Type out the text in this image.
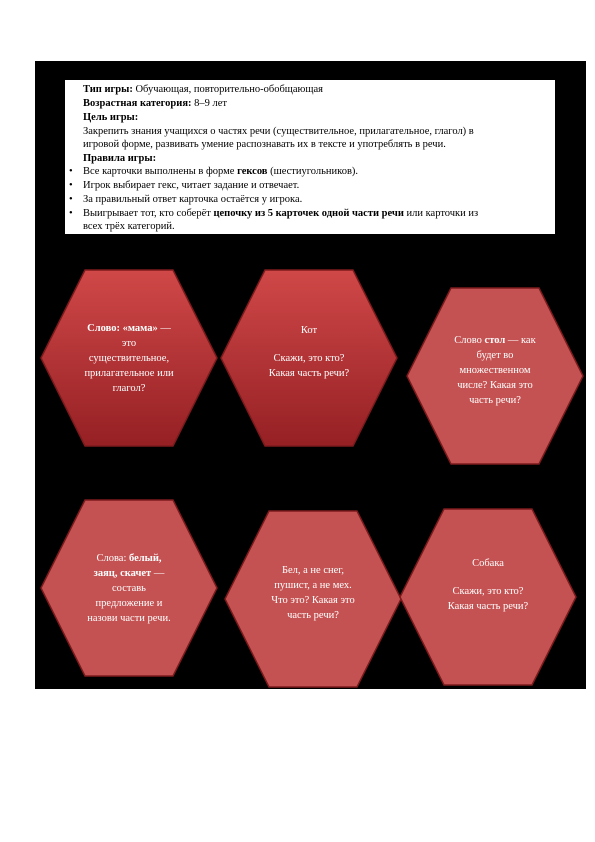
Тип игры: Обучающая, повторительно-обобщающая
Возрастная категория: 8–9 лет
Цель игры:
Закрепить знания учащихся о частях речи (существительное, прилагательное, глагол) в
игровой форме, развивать умение распознавать их в тексте и употреблять в речи.
Правила игры:
• Все карточки выполнены в форме гексов (шестиугольников).
• Игрок выбирает гекс, читает задание и отвечает.
• За правильный ответ карточка остаётся у игрока.
• Выигрывает тот, кто соберёт цепочку из 5 карточек одной части речи или карточки из
всех трёх категорий.
Слово: «мама» —
это
существительное,
прилагательное или
глагол?
Кот
Скажи, это кто?
Какая часть речи?
Слово стол — как
будет во
множественном
числе? Какая это
часть речи?
Слова: белый,
заяц, скачет —
составь
предложение и
назови части речи.
Бел, а не снег,
пушист, а не мех.
Что это? Какая это
часть речи?
Собака
Скажи, это кто?
Какая часть речи?
